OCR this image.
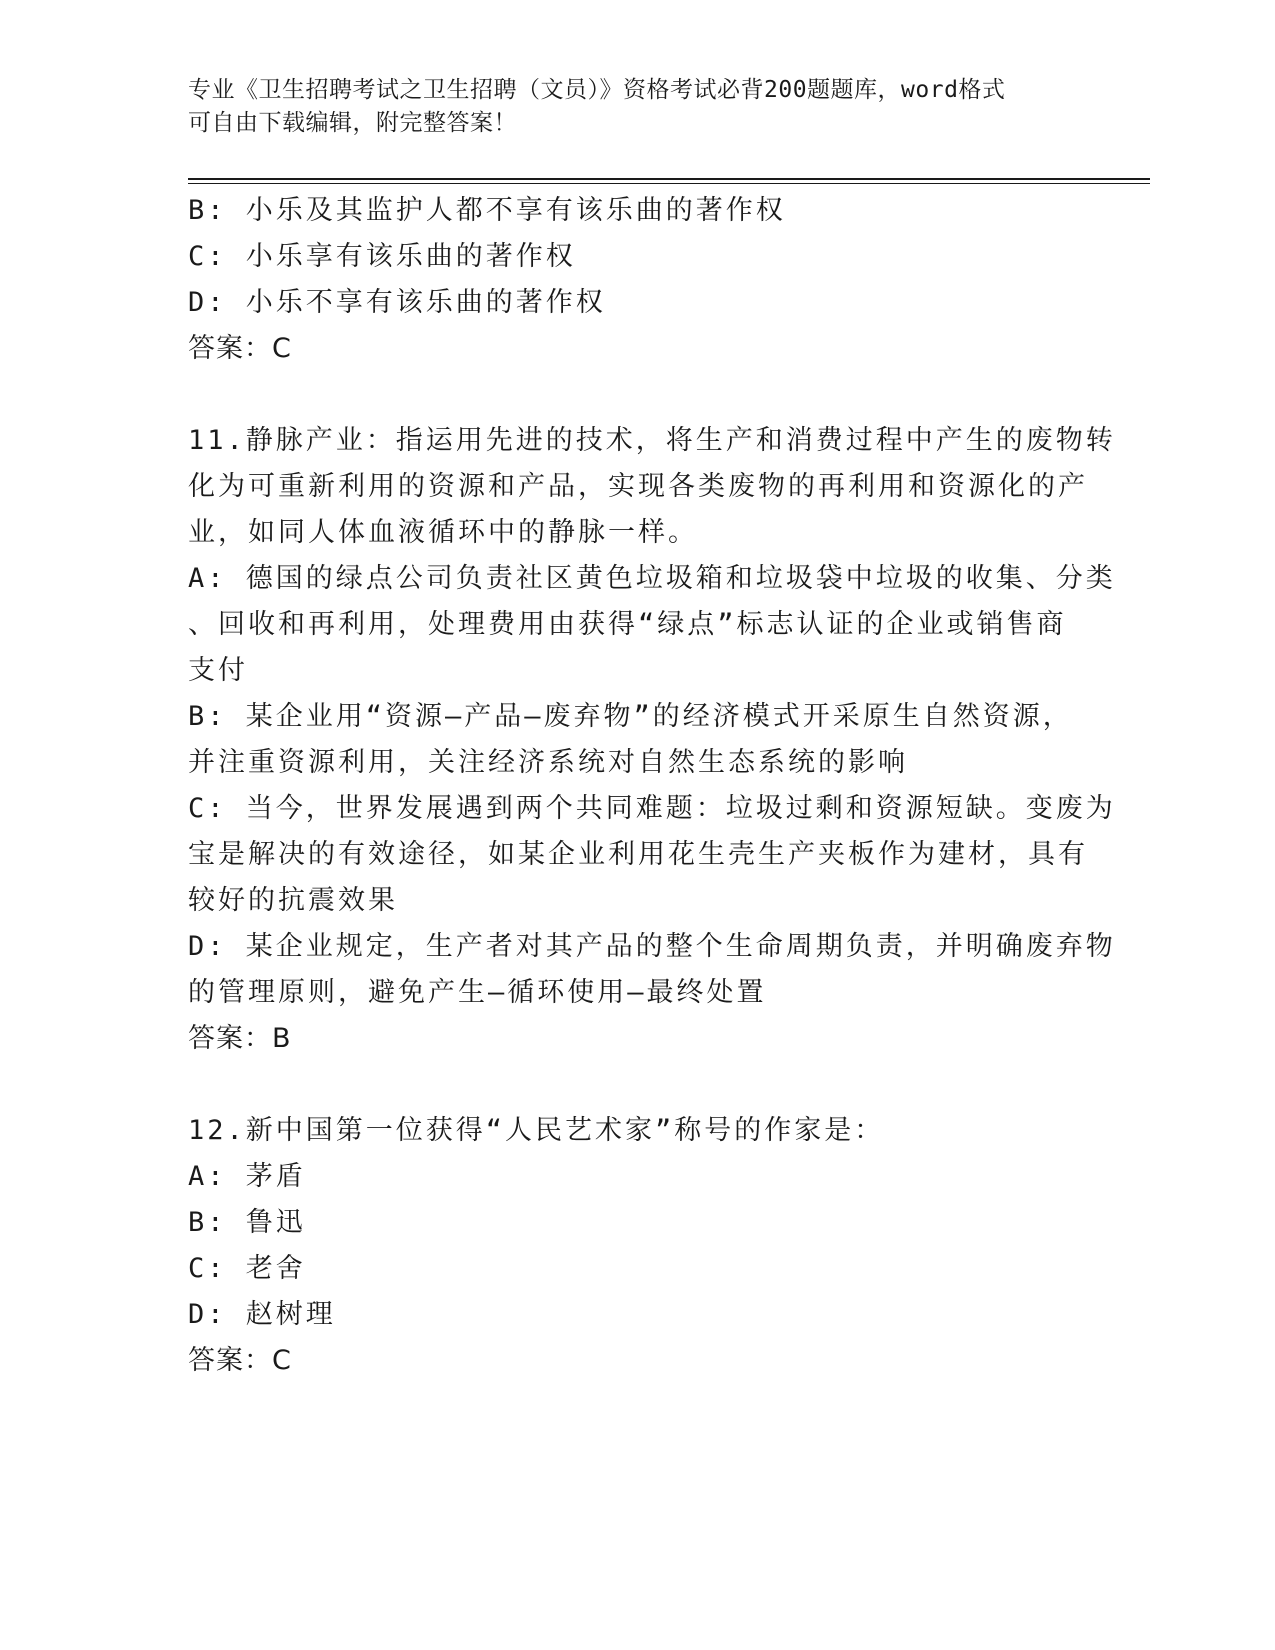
专业《卫生招聘考试之卫生招聘（文员）》资格考试必背200题题库，word格式
可自由下载编辑，附完整答案！
B: 小乐及其监护人都不享有该乐曲的著作权
C: 小乐享有该乐曲的著作权
D: 小乐不享有该乐曲的著作权
答案：C
11.静脉产业：指运用先进的技术，将生产和消费过程中产生的废物转
化为可重新利用的资源和产品，实现各类废物的再利用和资源化的产
业，如同人体血液循环中的静脉一样。
A: 德国的绿点公司负责社区黄色垃圾箱和垃圾袋中垃圾的收集、分类
、回收和再利用，处理费用由获得“绿点”标志认证的企业或销售商
支付
B: 某企业用“资源—产品—废弃物”的经济模式开采原生自然资源，
并注重资源利用，关注经济系统对自然生态系统的影响
C: 当今，世界发展遇到两个共同难题：垃圾过剩和资源短缺。变废为
宝是解决的有效途径，如某企业利用花生壳生产夹板作为建材，具有
较好的抗震效果
D: 某企业规定，生产者对其产品的整个生命周期负责，并明确废弃物
的管理原则，避免产生—循环使用—最终处置
答案：B
12.新中国第一位获得“人民艺术家”称号的作家是：
A: 茅盾
B: 鲁迅
C: 老舍
D: 赵树理
答案：C
